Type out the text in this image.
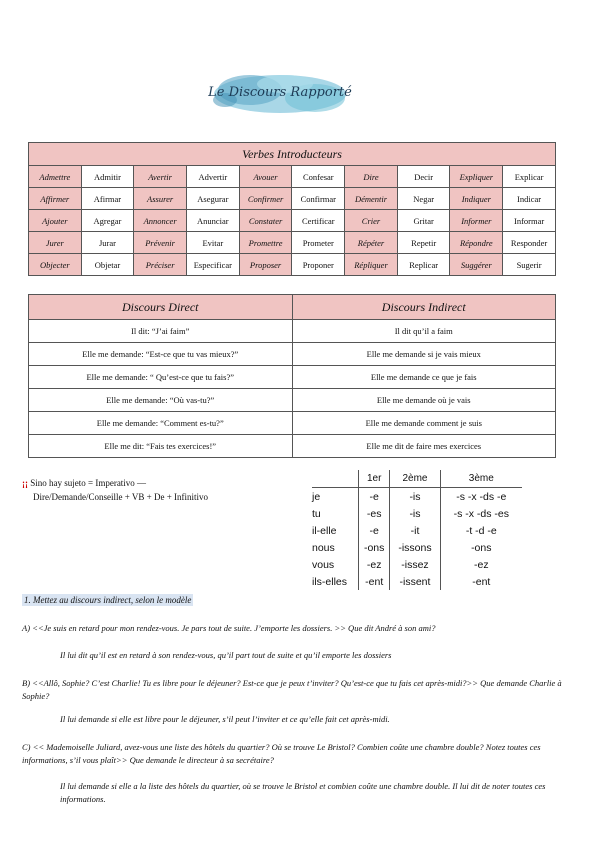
Le Discours Rapporté
Verbes Introducteurs									
Admettre	Admitir	Avertir	Advertir	Avouer	Confesar	Dire	Decir	Expliquer	Explicar
Affirmer	Afirmar	Assurer	Asegurar	Confirmer	Confirmar	Démentir	Negar	Indiquer	Indicar
Ajouter	Agregar	Annoncer	Anunciar	Constater	Certificar	Crier	Gritar	Informer	Informar
Jurer	Jurar	Prévenir	Evitar	Promettre	Prometer	Répéter	Repetir	Répondre	Responder
Objecter	Objetar	Préciser	Especificar	Proposer	Proponer	Répliquer	Replicar	Suggérer	Sugerir
Discours Direct	Discours Indirect
Il dit: “J’ai faim”	Il dit qu’il a faim
Elle me demande: “Est-ce que tu vas mieux?”	Elle me demande si je vais mieux
Elle me demande: “ Qu’est-ce que tu fais?”	Elle me demande ce que je fais
Elle me demande: “Où vas-tu?”	Elle me demande où je vais
Elle me demande: “Comment es-tu?”	Elle me demande comment je suis
Elle me dit: “Fais tes exercices!”	Elle me dit de faire mes exercices
¡¡ Sino hay sujeto = Imperativo —
Dire/Demande/Conseille + VB + De + Infinitivo
	1er	2ème	3ème
je	-e	-is	-s -x -ds -e
tu	-es	-is	-s -x -ds -es
il-elle	-e	-it	-t -d -e
nous	-ons	-issons	-ons
vous	-ez	-issez	-ez
ils-elles	-ent	-issent	-ent
1. Mettez au discours indirect, selon le modèle
A) <<Je suis en retard pour mon rendez-vous. Je pars tout de suite. J’emporte les dossiers. >> Que dit André à son ami?
Il lui dit qu’il est en retard à son rendez-vous, qu’il part tout de suite et qu’il emporte les dossiers
B) <<Allô, Sophie? C’est Charlie! Tu es libre pour le déjeuner? Est-ce que je peux t’inviter? Qu’est-ce que tu fais cet après-midi?>> Que demande Charlie à Sophie?
Il lui demande si elle est libre pour le déjeuner, s’il peut l’inviter et ce qu’elle fait cet après-midi.
C) << Mademoiselle Juliard, avez-vous une liste des hôtels du quartier? Où se trouve Le Bristol? Combien coûte une chambre double? Notez toutes ces informations, s’il vous plaît>> Que demande le directeur à sa secrétaire?
Il lui demande si elle a la liste des hôtels du quartier, où se trouve le Bristol et combien coûte une chambre double. Il lui dit de noter toutes ces informations.
